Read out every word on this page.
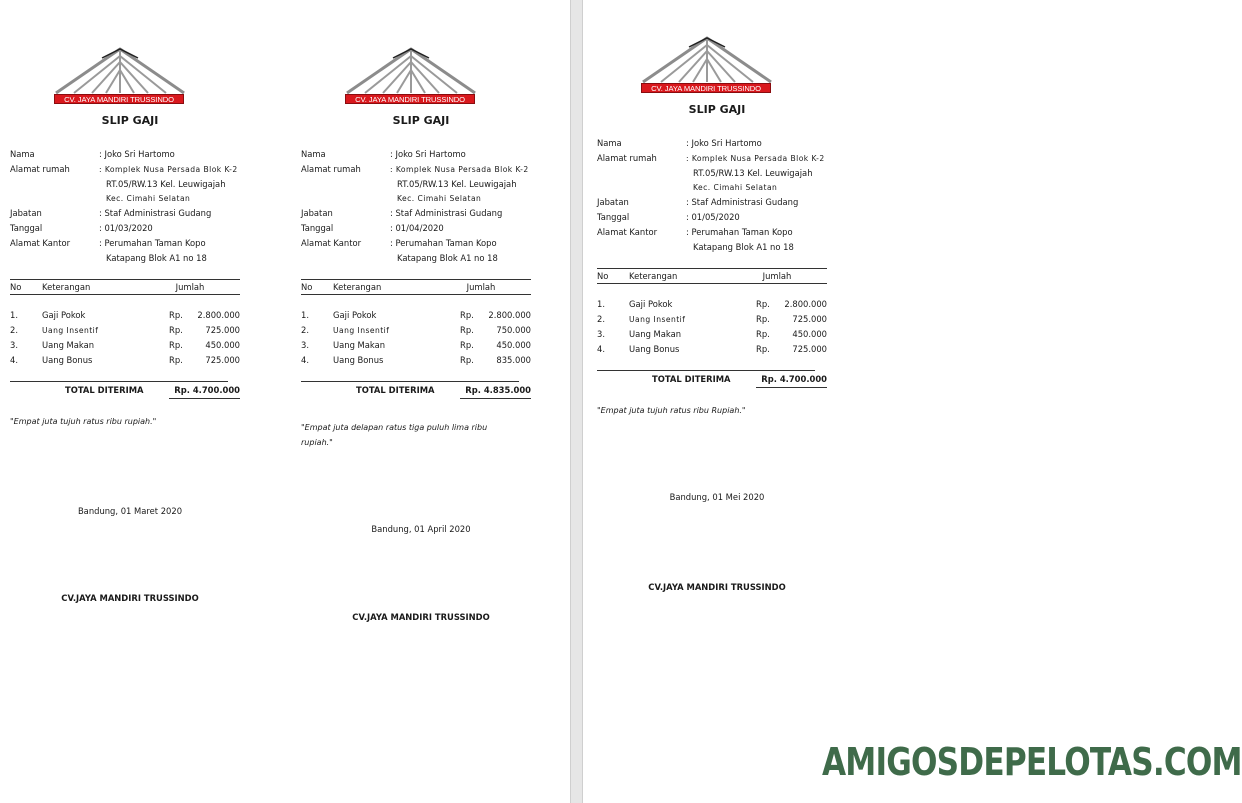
CV. JAYA MANDIRI TRUSSINDO
SLIP GAJI
Nama	: Joko Sri Hartomo
Alamat rumah	: Komplek Nusa Persada Blok K-2
RT.05/RW.13 Kel. Leuwigajah
Kec. Cimahi Selatan
Jabatan	: Staf Administrasi Gudang
Tanggal	: 01/03/2020
Alamat Kantor	: Perumahan Taman Kopo
Katapang Blok A1 no 18
No Keterangan	Jumlah
1.	Gaji Pokok	Rp. 2.800.000
2.	Uang Insentif	Rp.	725.000
3.	Uang Makan	Rp.	450.000
4.	Uang Bonus	Rp.	725.000
TOTAL DITERIMA	Rp. 4.700.000
"Empat juta tujuh ratus ribu rupiah."
Bandung, 01 Maret 2020
CV.JAYA MANDIRI TRUSSINDO
CV. JAYA MANDIRI TRUSSINDO
SLIP GAJI
Nama	: Joko Sri Hartomo
Alamat rumah	: Komplek Nusa Persada Blok K-2
RT.05/RW.13 Kel. Leuwigajah
Kec. Cimahi Selatan
Jabatan	: Staf Administrasi Gudang
Tanggal	: 01/04/2020
Alamat Kantor	: Perumahan Taman Kopo
Katapang Blok A1 no 18
No Keterangan	Jumlah
1.	Gaji Pokok	Rp. 2.800.000
2.	Uang Insentif	Rp.	750.000
3.	Uang Makan	Rp.	450.000
4.	Uang Bonus	Rp.	835.000
TOTAL DITERIMA	Rp. 4.835.000
"Empat juta delapan ratus tiga puluh lima ribu rupiah."
Bandung, 01 April 2020
CV.JAYA MANDIRI TRUSSINDO
CV. JAYA MANDIRI TRUSSINDO
SLIP GAJI
Nama	: Joko Sri Hartomo
Alamat rumah	: Komplek Nusa Persada Blok K-2
RT.05/RW.13 Kel. Leuwigajah
Kec. Cimahi Selatan
Jabatan	: Staf Administrasi Gudang
Tanggal	: 01/05/2020
Alamat Kantor	: Perumahan Taman Kopo
Katapang Blok A1 no 18
No Keterangan	Jumlah
1.	Gaji Pokok	Rp. 2.800.000
2.	Uang Insentif	Rp.	725.000
3.	Uang Makan	Rp.	450.000
4.	Uang Bonus	Rp.	725.000
TOTAL DITERIMA	Rp. 4.700.000
"Empat juta tujuh ratus ribu Rupiah."
Bandung, 01 Mei 2020
CV.JAYA MANDIRI TRUSSINDO
AMIGOSDEPELOTAS.COM
